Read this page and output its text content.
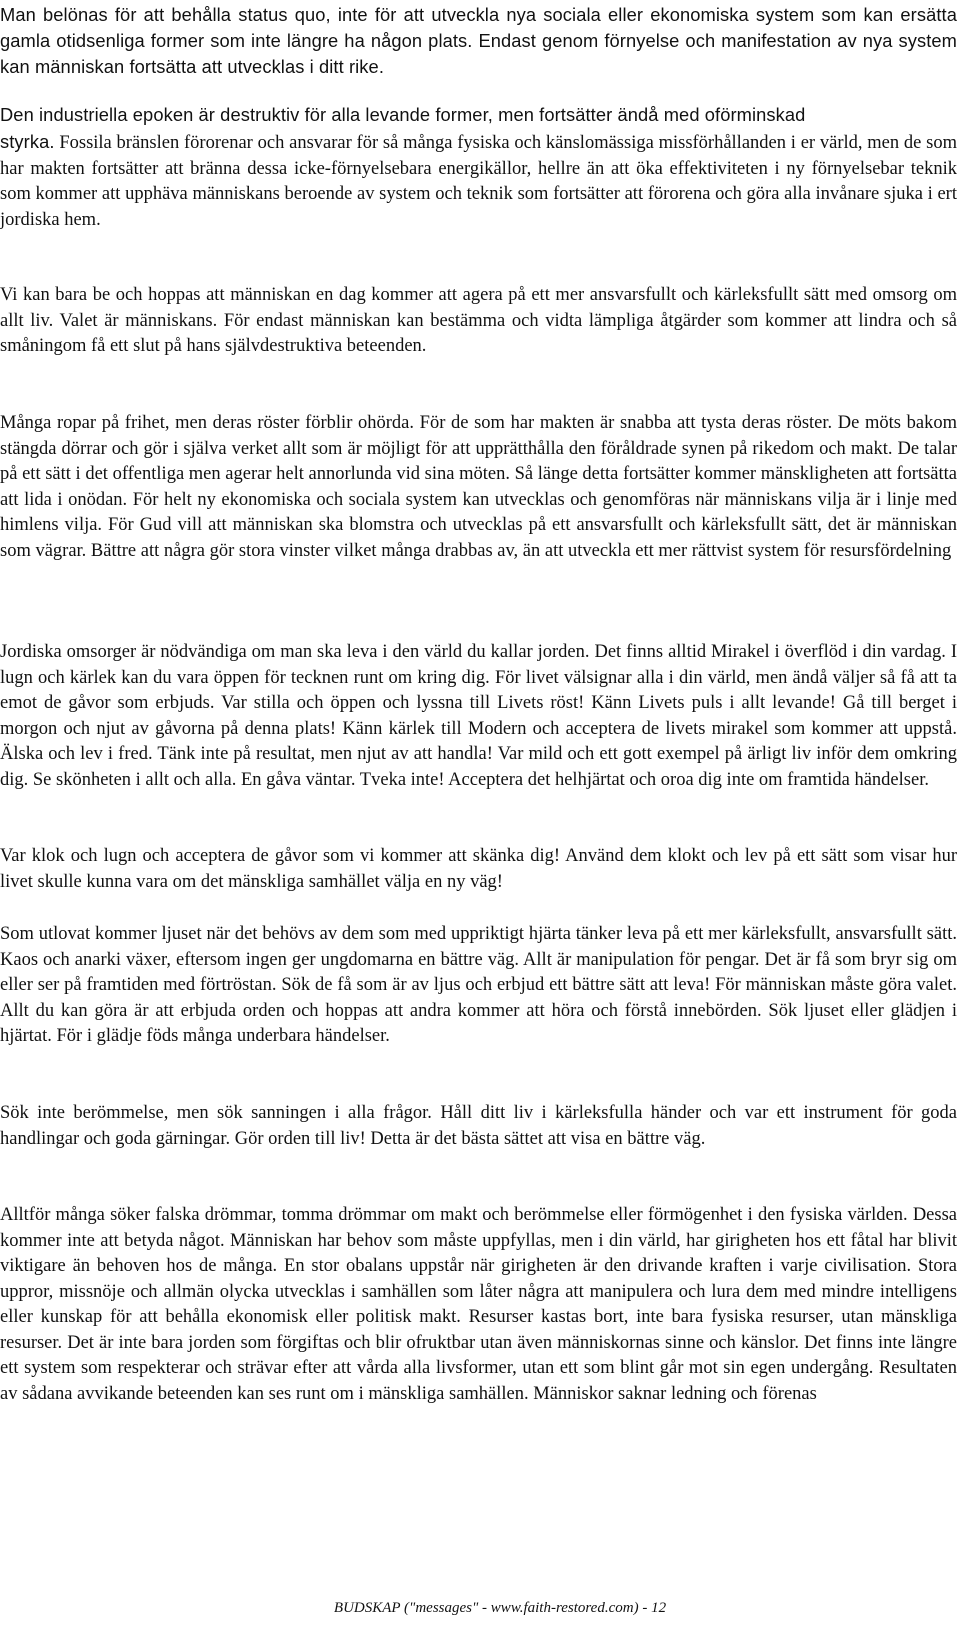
Man belönas för att behålla status quo, inte för att utveckla nya sociala eller ekonomiska system som kan ersätta gamla otidsenliga former som inte längre ha någon plats. Endast genom förnyelse och manifestation av nya system kan människan fortsätta att utvecklas i ditt rike.

Den industriella epoken är destruktiv för alla levande former, men fortsätter ändå med oförminskad

styrka. Fossila bränslen förorenar och ansvarar för så många fysiska och känslomässiga missförhållanden i er värld, men de som har makten fortsätter att bränna dessa icke-förnyelsebara energikällor, hellre än att öka effektiviteten i ny förnyelsebar teknik som kommer att upphäva människans beroende av system och teknik som fortsätter att förorena och göra alla invånare sjuka i ert jordiska hem.

Vi kan bara be och hoppas att människan en dag kommer att agera på ett mer ansvarsfullt och kärleksfullt sätt med omsorg om allt liv. Valet är människans. För endast människan kan bestämma och vidta lämpliga åtgärder som kommer att lindra och så småningom få ett slut på hans självdestruktiva beteenden.

Många ropar på frihet, men deras röster förblir ohörda. För de som har makten är snabba att tysta deras röster. De möts bakom stängda dörrar och gör i själva verket allt som är möjligt för att upprätthålla den föråldrade synen på rikedom och makt. De talar på ett sätt i det offentliga men agerar helt annorlunda vid sina möten. Så länge detta fortsätter kommer mänskligheten att fortsätta att lida i onödan. För helt ny ekonomiska och sociala system kan utvecklas och genomföras när människans vilja är i linje med himlens vilja. För Gud vill att människan ska blomstra och utvecklas på ett ansvarsfullt och kärleksfullt sätt, det är människan som vägrar. Bättre att några gör stora vinster vilket många drabbas av, än att utveckla ett mer rättvist system för resursfördelning

Jordiska omsorger är nödvändiga om man ska leva i den värld du kallar jorden. Det finns alltid Mirakel i överflöd i din vardag. I lugn och kärlek kan du vara öppen för tecknen runt om kring dig. För livet välsignar alla i din värld, men ändå väljer så få att ta emot de gåvor som erbjuds. Var stilla och öppen och lyssna till Livets röst! Känn Livets puls i allt levande! Gå till berget i morgon och njut av gåvorna på denna plats! Känn kärlek till Modern och acceptera de livets mirakel som kommer att uppstå. Älska och lev i fred. Tänk inte på resultat, men njut av att handla! Var mild och ett gott exempel på ärligt liv inför dem omkring dig. Se skönheten i allt och alla. En gåva väntar. Tveka inte! Acceptera det helhjärtat och oroa dig inte om framtida händelser.

Var klok och lugn och acceptera de gåvor som vi kommer att skänka dig! Använd dem klokt och lev på ett sätt som visar hur livet skulle kunna vara om det mänskliga samhället välja en ny väg!

Som utlovat kommer ljuset när det behövs av dem som med uppriktigt hjärta tänker leva på ett mer kärleksfullt, ansvarsfullt sätt. Kaos och anarki växer, eftersom ingen ger ungdomarna en bättre väg. Allt är manipulation för pengar. Det är få som bryr sig om eller ser på framtiden med förtröstan. Sök de få som är av ljus och erbjud ett bättre sätt att leva! För människan måste göra valet. Allt du kan göra är att erbjuda orden och hoppas att andra kommer att höra och förstå innebörden. Sök ljuset eller glädjen i hjärtat. För i glädje föds många underbara händelser.

Sök inte berömmelse, men sök sanningen i alla frågor. Håll ditt liv i kärleksfulla händer och var ett instrument för goda handlingar och goda gärningar. Gör orden till liv! Detta är det bästa sättet att visa en bättre väg.

Alltför många söker falska drömmar, tomma drömmar om makt och berömmelse eller förmögenhet i den fysiska världen. Dessa kommer inte att betyda något. Människan har behov som måste uppfyllas, men i din värld, har girigheten hos ett fåtal har blivit viktigare än behoven hos de många. En stor obalans uppstår när girigheten är den drivande kraften i varje civilisation. Stora uppror, missnöje och allmän olycka utvecklas i samhällen som låter några att manipulera och lura dem med mindre intelligens eller kunskap för att behålla ekonomisk eller politisk makt. Resurser kastas bort, inte bara fysiska resurser, utan mänskliga resurser. Det är inte bara jorden som förgiftas och blir ofruktbar utan även människornas sinne och känslor. Det finns inte längre ett system som respekterar och strävar efter att vårda alla livsformer, utan ett som blint går mot sin egen undergång. Resultaten av sådana avvikande beteenden kan ses runt om i mänskliga samhällen. Människor saknar ledning och förenas

BUDSKAP ("messages" - www.faith-restored.com) - 12
